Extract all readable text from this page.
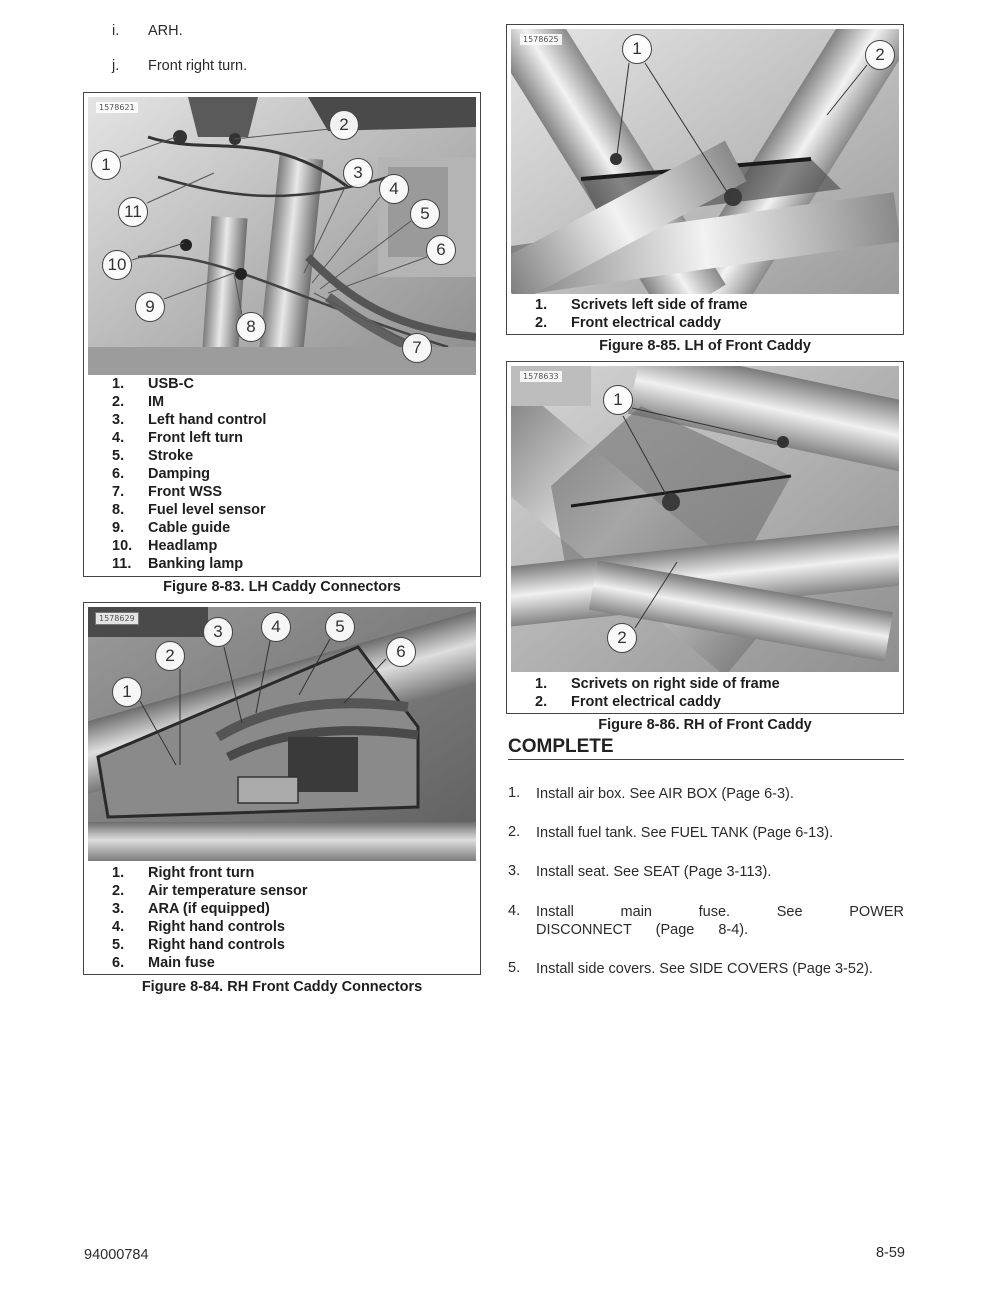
i. ARH.
j. Front right turn.
1578621
1
2
3
4
5
6
7
8
9
10
11
1. USB-C
2. IM
3. Left hand control
4. Front left turn
5. Stroke
6. Damping
7. Front WSS
8. Fuel level sensor
9. Cable guide
10. Headlamp
11. Banking lamp
Figure 8-83. LH Caddy Connectors
1578629
1
2
3	4	5
6
1. Right front turn
2. Air temperature sensor
3. ARA (if equipped)
4. Right hand controls
5. Right hand controls
6. Main fuse
Figure 8-84. RH Front Caddy Connectors
1578625	1	2
1. Scrivets left side of frame
2. Front electrical caddy
Figure 8-85. LH of Front Caddy
1578633
1
2
1. Scrivets on right side of frame
2. Front electrical caddy
Figure 8-86. RH of Front Caddy
COMPLETE
1. Install air box. See AIR BOX (Page 6-3).
2. Install fuel tank. See FUEL TANK (Page 6-13).
3. Install seat. See SEAT (Page 3-113).
4. Install main fuse. See POWER DISCONNECT (Page 8-4).
5. Install side covers. See SIDE COVERS (Page 3-52).
94000784	8-59
